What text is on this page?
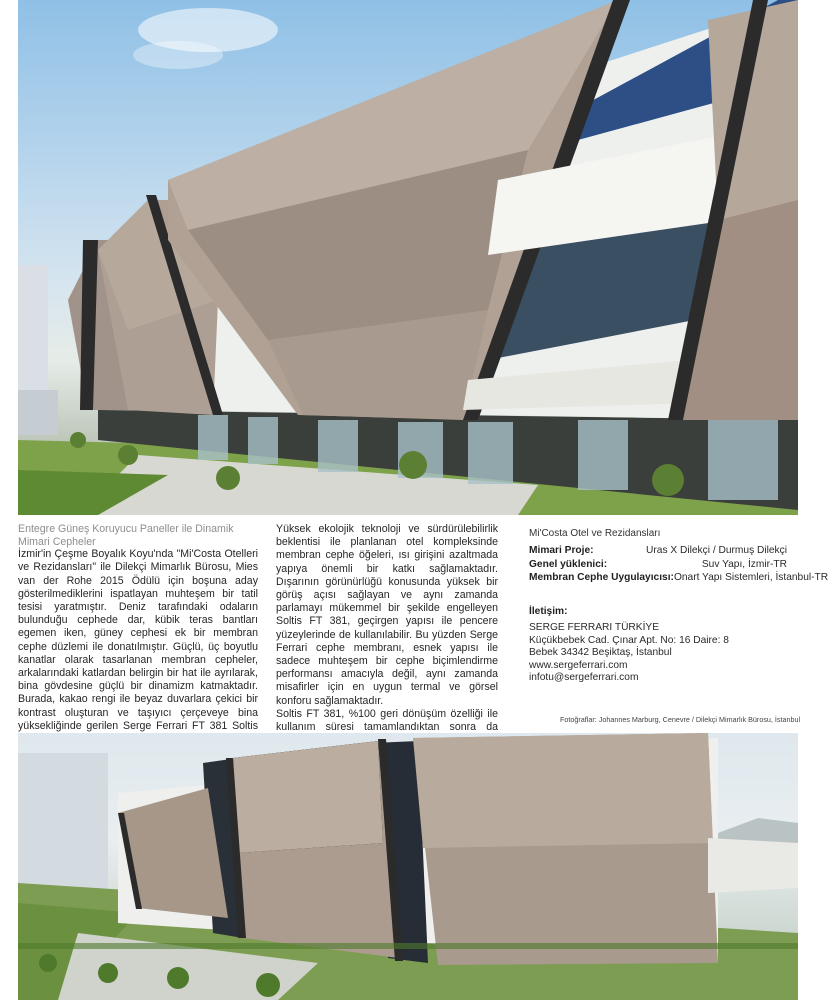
Entegre Güneş Koruyucu Paneller ile Dinamik Mimari Cepheler
İzmir'in Çeşme Boyalık Koyu'nda "Mi'Costa Otelleri ve Rezidansları" ile Dilekçi Mimarlık Bürosu, Mies van der Rohe 2015 Ödülü için boşuna aday gösterilmediklerini ispatlayan muhteşem bir tatil tesisi yaratmıştır. Deniz tarafındaki odaların bulunduğu cephede dar, kübik teras bantları egemen iken, güney cephesi ek bir membran cephe düzlemi ile donatılmıştır. Güçlü, üç boyutlu kanatlar olarak tasarlanan membran cepheler, arkalarındaki katlardan belirgin bir hat ile ayrılarak, bina gövdesine güçlü bir dinamizm katmaktadır. Burada, kakao rengi ile beyaz duvarlara çekici bir kontrast oluşturan ve taşıyıcı çerçeveye bina yüksekliğinde gerilen Serge Ferrari FT 381 Soltis
Yüksek ekolojik teknoloji ve sürdürülebilirlik beklentisi ile planlanan otel kompleksinde membran cephe öğeleri, ısı girişini azaltmada yapıya önemli bir katkı sağlamaktadır. Dışarının görünürlüğü konusunda yüksek bir görüş açısı sağlayan ve aynı zamanda parlamayı mükemmel bir şekilde engelleyen Soltis FT 381, geçirgen yapısı ile pencere yüzeylerinde de kullanılabilir. Bu yüzden Serge Ferrari cephe membranı, esnek yapısı ile sadece muhteşem bir cephe biçimlendirme performansı amacıyla değil, aynı zamanda misafirler için en uygun termal ve görsel konforu sağlamaktadır.
Soltis FT 381, %100 geri dönüşüm özelliği ile kullanım süresi tamamlandıktan sonra da
Mi'Costa Otel ve Rezidansları
Mimari Proje:	Uras X Dilekçi / Durmuş Dilekçi
Genel yüklenici:	Suv Yapı, İzmir-TR
Membran Cephe Uygulayıcısı: Onart Yapı Sistemleri, İstanbul-TR
İletişim:
SERGE FERRARI TÜRKİYE
Küçükbebek Cad. Çınar Apt. No: 16 Daire: 8
Bebek 34342 Beşiktaş, İstanbul
www.sergeferrari.com
infotu@sergeferrari.com
Fotoğraflar: Johannes Marburg, Cenevre / Dilekçi Mimarlık Bürosu, İstanbul
